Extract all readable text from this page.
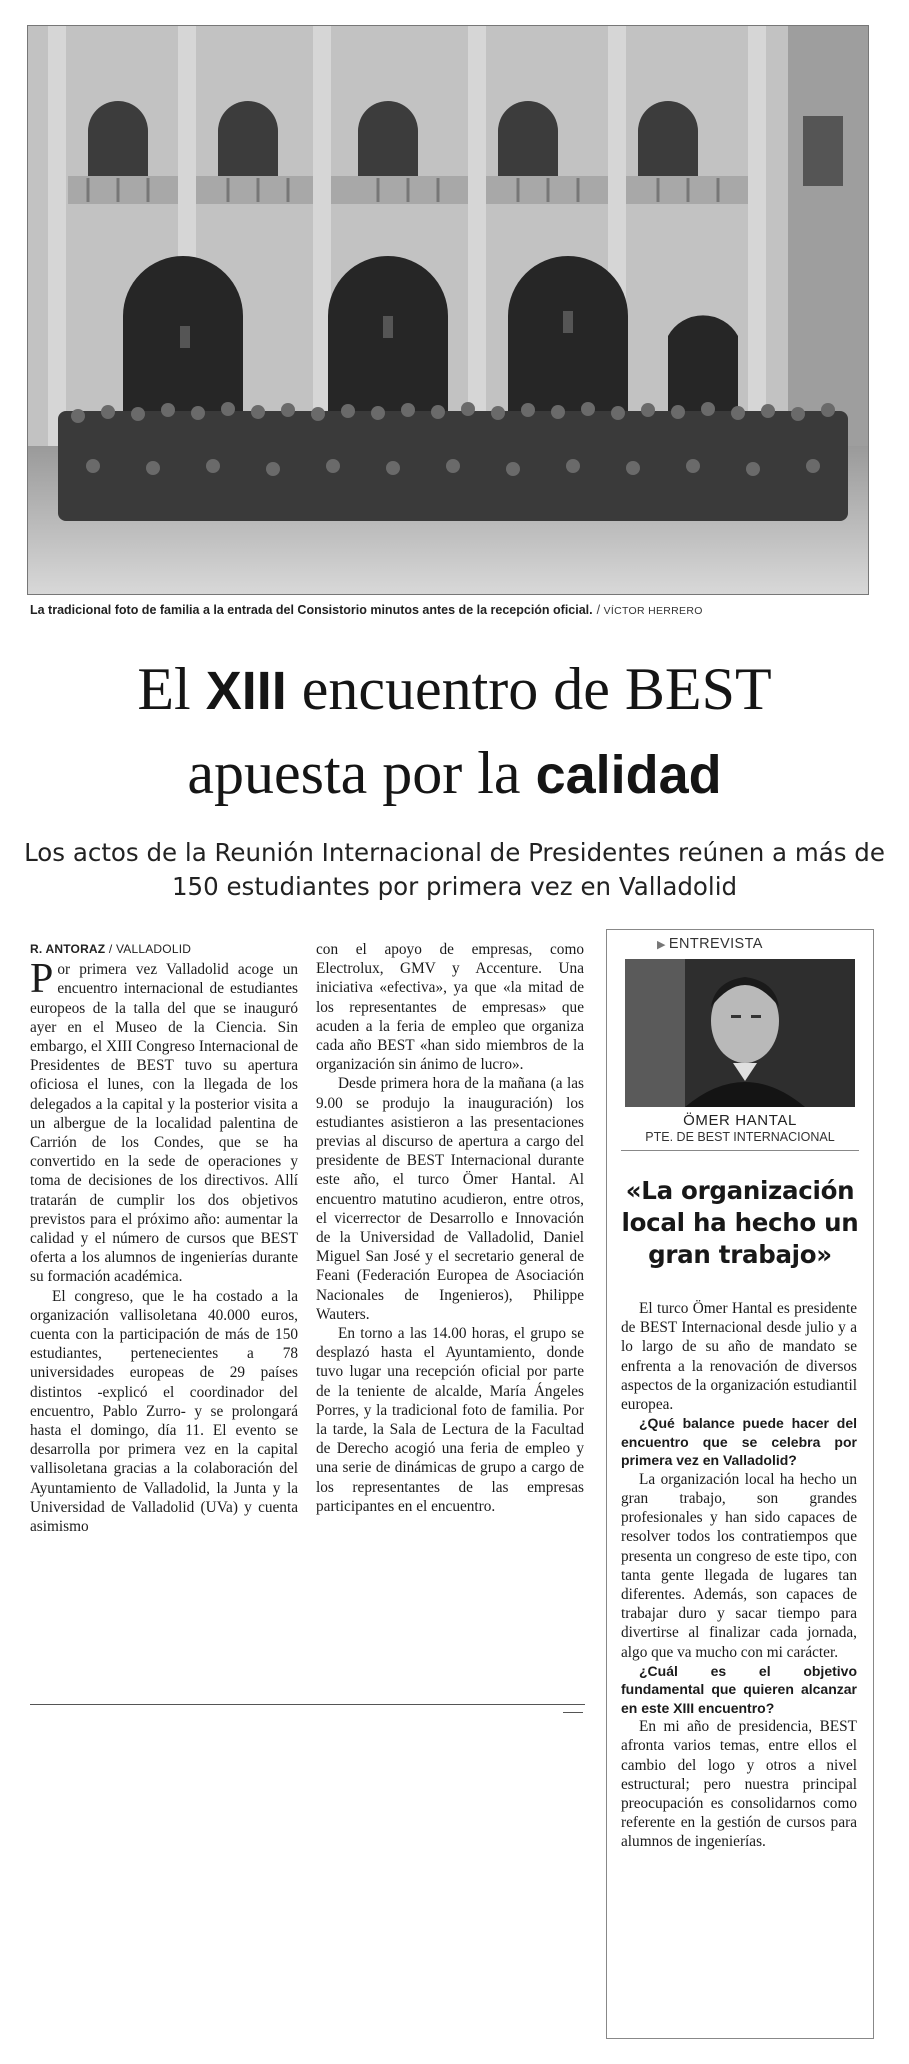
La tradicional foto de familia a la entrada del Consistorio minutos antes de la recepción oficial. / VÍCTOR HERRERO
El XIII encuentro de BEST
apuesta por la calidad
Los actos de la Reunión Internacional de Presidentes reúnen a más de 150 estudiantes por primera vez en Valladolid
R. ANTORAZ / VALLADOLID

Por primera vez Valladolid acoge un encuentro internacional de estudiantes europeos de la talla del que se inauguró ayer en el Museo de la Ciencia. Sin embargo, el XIII Congreso Internacional de Presidentes de BEST tuvo su apertura oficiosa el lunes, con la llegada de los delegados a la capital y la posterior visita a un albergue de la localidad palentina de Carrión de los Condes, que se ha convertido en la sede de operaciones y toma de decisiones de los directivos. Allí tratarán de cumplir los dos objetivos previstos para el próximo año: aumentar la calidad y el número de cursos que BEST oferta a los alumnos de ingenierías durante su formación académica.

El congreso, que le ha costado a la organización vallisoletana 40.000 euros, cuenta con la participación de más de 150 estudiantes, pertenecientes a 78 universidades europeas de 29 países distintos -explicó el coordinador del encuentro, Pablo Zurro- y se prolongará hasta el domingo, día 11. El evento se desarrolla por primera vez en la capital vallisoletana gracias a la colaboración del Ayuntamiento de Valladolid, la Junta y la Universidad de Valladolid (UVa) y cuenta asimismo

con el apoyo de empresas, como Electrolux, GMV y Accenture. Una iniciativa «efectiva», ya que «la mitad de los representantes de empresas» que acuden a la feria de empleo que organiza cada año BEST «han sido miembros de la organización sin ánimo de lucro».

Desde primera hora de la mañana (a las 9.00 se produjo la inauguración) los estudiantes asistieron a las presentaciones previas al discurso de apertura a cargo del presidente de BEST Internacional durante este año, el turco Ömer Hantal. Al encuentro matutino acudieron, entre otros, el vicerrector de Desarrollo e Innovación de la Universidad de Valladolid, Daniel Miguel San José y el secretario general de Feani (Federación Europea de Asociación Nacionales de Ingenieros), Philippe Wauters.

En torno a las 14.00 horas, el grupo se desplazó hasta el Ayuntamiento, donde tuvo lugar una recepción oficial por parte de la teniente de alcalde, María Ángeles Porres, y la tradicional foto de familia. Por la tarde, la Sala de Lectura de la Facultad de Derecho acogió una feria de empleo y una serie de dinámicas de grupo a cargo de los representantes de las empresas participantes en el encuentro.

▶ ENTREVISTA
ÖMER HANTAL
PTE. DE BEST INTERNACIONAL
«La organización local ha hecho un gran trabajo»

El turco Ömer Hantal es presidente de BEST Internacional desde julio y a lo largo de su año de mandato se enfrenta a la renovación de diversos aspectos de la organización estudiantil europea.

¿Qué balance puede hacer del encuentro que se celebra por primera vez en Valladolid?

La organización local ha hecho un gran trabajo, son grandes profesionales y han sido capaces de resolver todos los contratiempos que presenta un congreso de este tipo, con tanta gente llegada de lugares tan diferentes. Además, son capaces de trabajar duro y sacar tiempo para divertirse al finalizar cada jornada, algo que va mucho con mi carácter.

¿Cuál es el objetivo fundamental que quieren alcanzar en este XIII encuentro?

En mi año de presidencia, BEST afronta varios temas, entre ellos el cambio del logo y otros a nivel estructural; pero nuestra principal preocupación es consolidarnos como referente en la gestión de cursos para alumnos de ingenierías.
